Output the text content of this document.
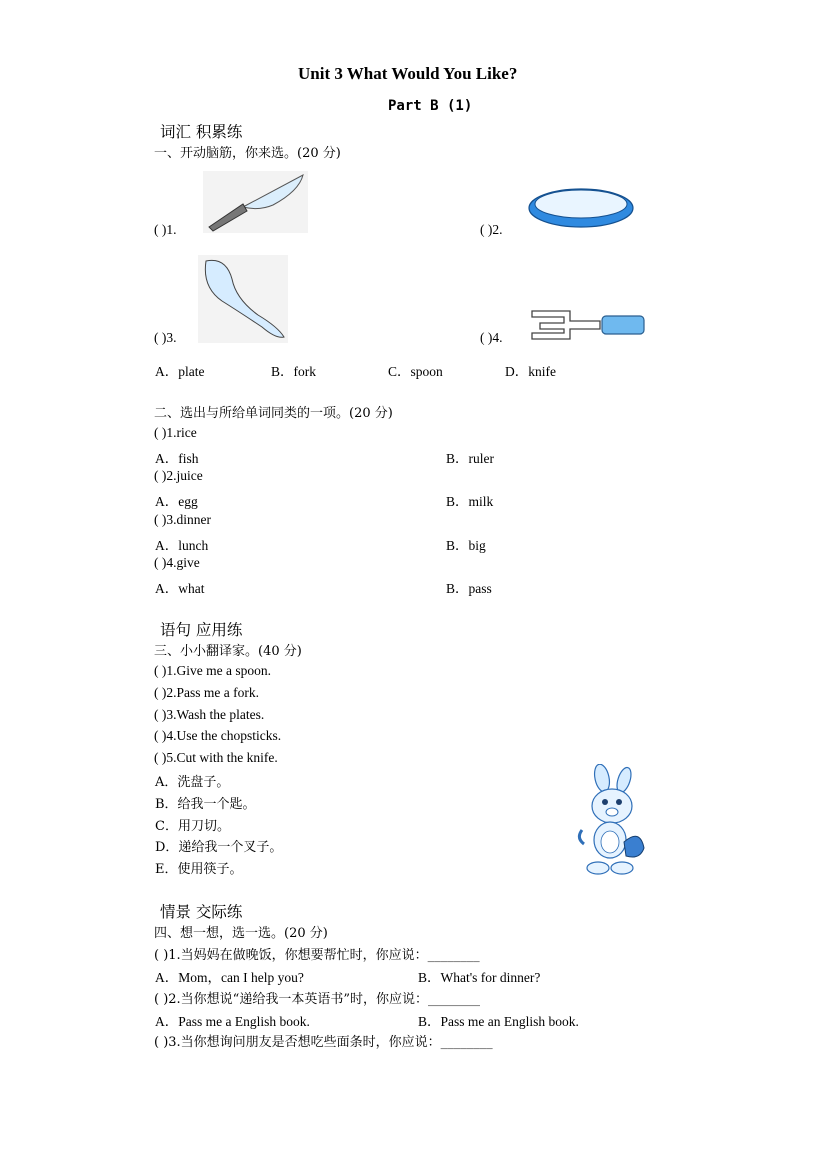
Unit 3 What Would You Like?
Part B (1)
词汇 积累练
一、开动脑筋，你来选。(20 分)
( )1.	( )2.
( )3.	( )4.
A．plate	B．fork	C．spoon	D．knife
二、选出与所给单词同类的一项。(20 分)
( )1.rice
A．fish	B．ruler
( )2.juice
A．egg	B．milk
( )3.dinner
A．lunch	B．big
( )4.give
A．what	B．pass
语句 应用练
三、小小翻译家。(40 分)
( )1.Give me a spoon.
( )2.Pass me a fork.
( )3.Wash the plates.
( )4.Use the chopsticks.
( )5.Cut with the knife.
A．洗盘子。
B．给我一个匙。
C．用刀切。
D．递给我一个叉子。
E．使用筷子。
情景 交际练
四、想一想，选一选。(20 分)
( )1.当妈妈在做晚饭，你想要帮忙时，你应说：________
A．Mom，can I help you?	B．What's for dinner?
( )2.当你想说“递给我一本英语书”时，你应说：________
A．Pass me a English book.	B．Pass me an English book.
( )3.当你想询问朋友是否想吃些面条时，你应说：________
